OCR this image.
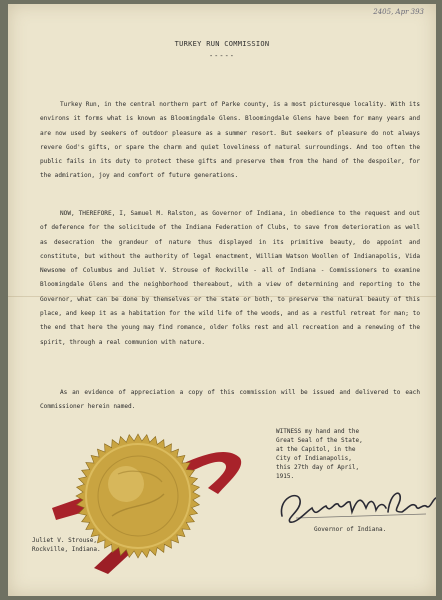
2405, Apr 393
TURKEY RUN COMMISSION
-----

Turkey Run, in the central northern part of Parke county, is a most picturesque locality. With its environs it forms what is known as Bloomingdale Glens. Bloomingdale Glens have been for many years and are now used by seekers of outdoor pleasure as a summer resort. But seekers of pleasure do not always revere God's gifts, or spare the charm and quiet loveliness of natural surroundings. And too often the public fails in its duty to protect these gifts and preserve them from the hand of the despoiler, for the admiration, joy and comfort of future generations.

NOW, THEREFORE, I, Samuel M. Ralston, as Governor of Indiana, in obedience to the request and out of deference for the solicitude of the Indiana Federation of Clubs, to save from deterioration as well as desecration the grandeur of nature thus displayed in its primitive beauty, do appoint and constitute, but without the authority of legal enactment, William Watson Woollen of Indianapolis, Vida Newsome of Columbus and Juliet V. Strouse of Rockville - all of Indiana - Commissioners to examine Bloomingdale Glens and the neighborhood thereabout, with a view of determining and reporting to the Governor, what can be done by themselves or the state or both, to preserve the natural beauty of this place, and keep it as a habitation for the wild life of the woods, and as a restful retreat for man; to the end that here the young may find romance, older folks rest and all recreation and a renewing of the spirit, through a real communion with nature.

As an evidence of appreciation a copy of this commission will be issued and delivered to each Commissioner herein named.

WITNESS my hand and the
Great Seal of the State,
at the Capitol, in the
City of Indianapolis,
this 27th day of April,
1915.
Governor of Indiana.
Juliet V. Strouse,
Rockville, Indiana.
